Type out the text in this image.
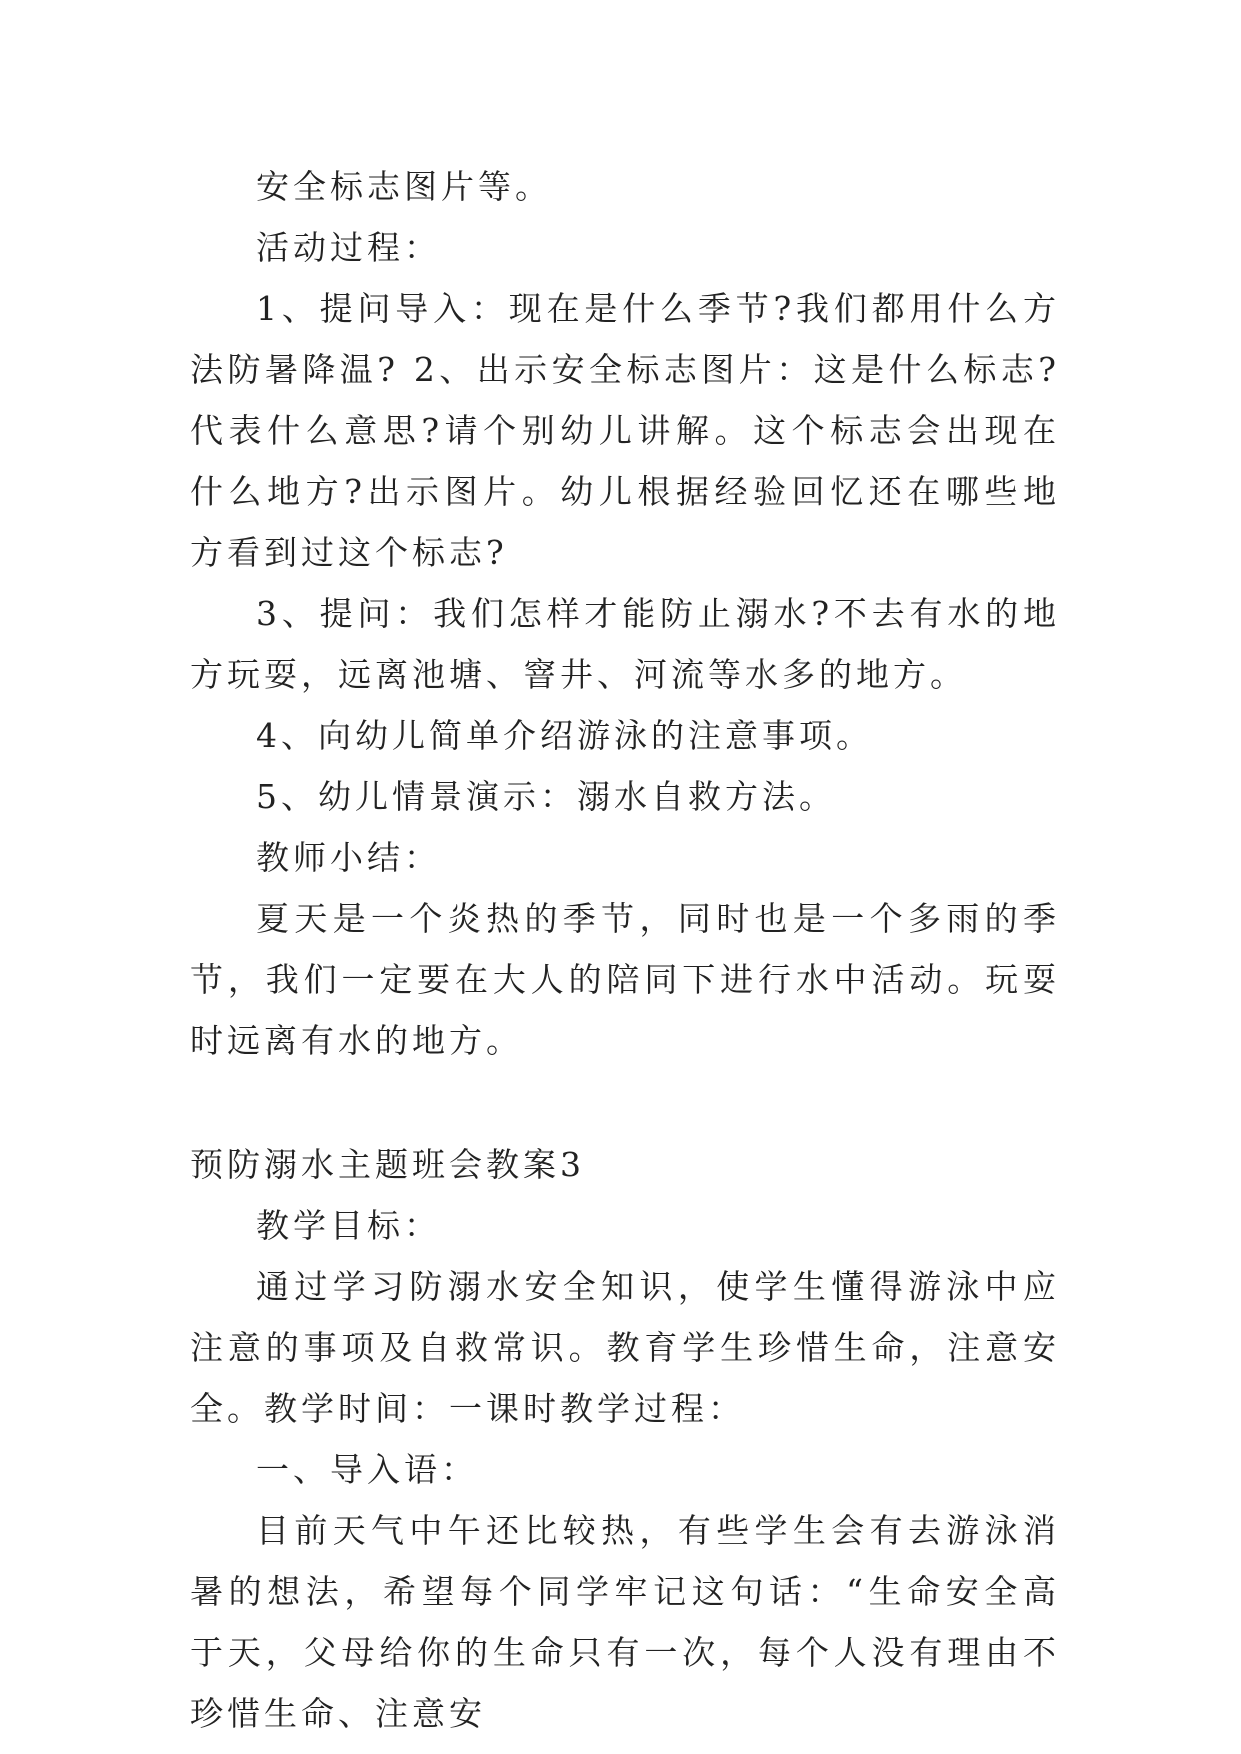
安全标志图片等。

活动过程：

1、提问导入：现在是什么季节?我们都用什么方法防暑降温? 2、出示安全标志图片：这是什么标志?代表什么意思?请个别幼儿讲解。这个标志会出现在什么地方?出示图片。幼儿根据经验回忆还在哪些地方看到过这个标志?

3、提问：我们怎样才能防止溺水?不去有水的地方玩耍，远离池塘、窨井、河流等水多的地方。

4、向幼儿简单介绍游泳的注意事项。

5、幼儿情景演示：溺水自救方法。

教师小结：

夏天是一个炎热的季节，同时也是一个多雨的季节，我们一定要在大人的陪同下进行水中活动。玩耍时远离有水的地方。

预防溺水主题班会教案3

教学目标：

通过学习防溺水安全知识，使学生懂得游泳中应注意的事项及自救常识。教育学生珍惜生命，注意安全。教学时间：一课时教学过程：

一、导入语：

目前天气中午还比较热，有些学生会有去游泳消暑的想法，希望每个同学牢记这句话：“生命安全高于天，父母给你的生命只有一次，每个人没有理由不珍惜生命、注意安
